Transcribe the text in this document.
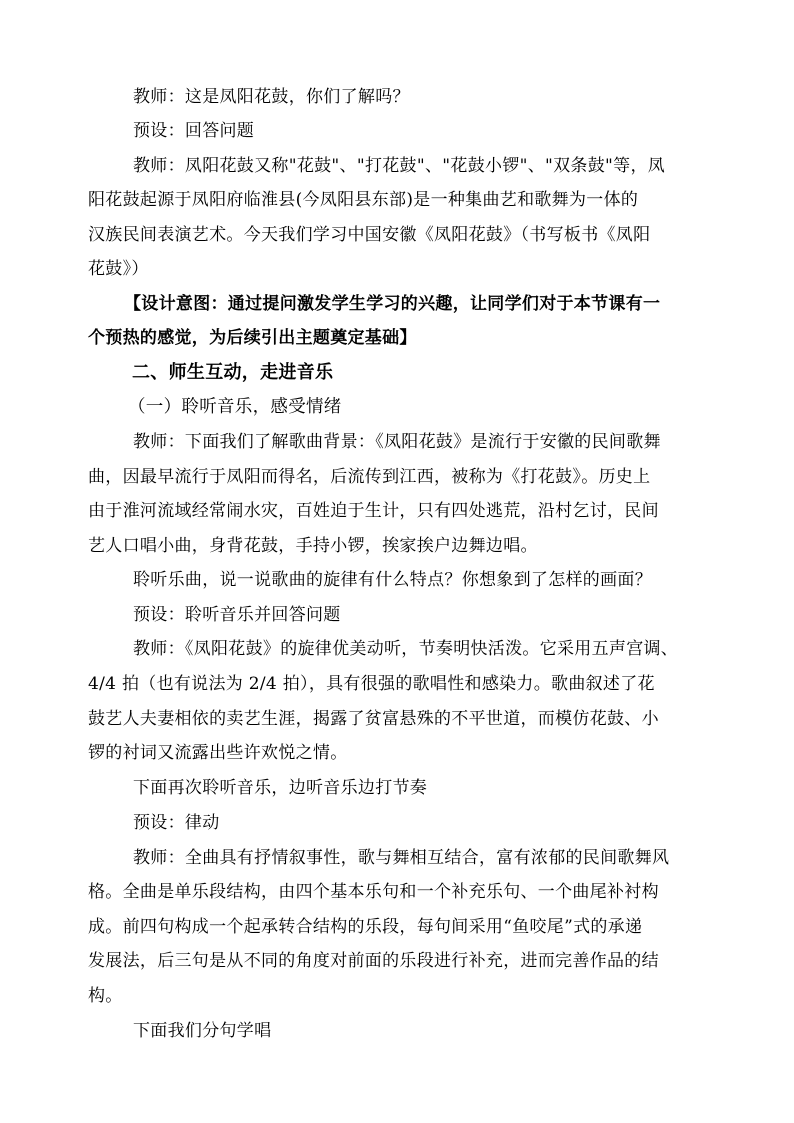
教师：这是凤阳花鼓，你们了解吗？
预设：回答问题
教师：凤阳花鼓又称"花鼓"、"打花鼓"、"花鼓小锣"、"双条鼓"等，凤
阳花鼓起源于凤阳府临淮县(今凤阳县东部)是一种集曲艺和歌舞为一体的
汉族民间表演艺术。今天我们学习中国安徽《凤阳花鼓》（书写板书《凤阳
花鼓》）
【设计意图：通过提问激发学生学习的兴趣，让同学们对于本节课有一
个预热的感觉，为后续引出主题奠定基础】
二、师生互动，走进音乐
（一）聆听音乐，感受情绪
教师：下面我们了解歌曲背景：《凤阳花鼓》是流行于安徽的民间歌舞
曲，因最早流行于凤阳而得名，后流传到江西，被称为《打花鼓》。历史上
由于淮河流域经常闹水灾，百姓迫于生计，只有四处逃荒，沿村乞讨，民间
艺人口唱小曲，身背花鼓，手持小锣，挨家挨户边舞边唱。
聆听乐曲，说一说歌曲的旋律有什么特点？你想象到了怎样的画面？
预设：聆听音乐并回答问题
教师：《凤阳花鼓》的旋律优美动听，节奏明快活泼。它采用五声宫调、
4/4 拍（也有说法为 2/4 拍），具有很强的歌唱性和感染力。歌曲叙述了花
鼓艺人夫妻相依的卖艺生涯，揭露了贫富悬殊的不平世道，而模仿花鼓、小
锣的衬词又流露出些许欢悦之情。
下面再次聆听音乐，边听音乐边打节奏
预设：律动
教师：全曲具有抒情叙事性，歌与舞相互结合，富有浓郁的民间歌舞风
格。全曲是单乐段结构，由四个基本乐句和一个补充乐句、一个曲尾补衬构
成。前四句构成一个起承转合结构的乐段，每句间采用“鱼咬尾”式的承递
发展法，后三句是从不同的角度对前面的乐段进行补充，进而完善作品的结
构。
下面我们分句学唱
